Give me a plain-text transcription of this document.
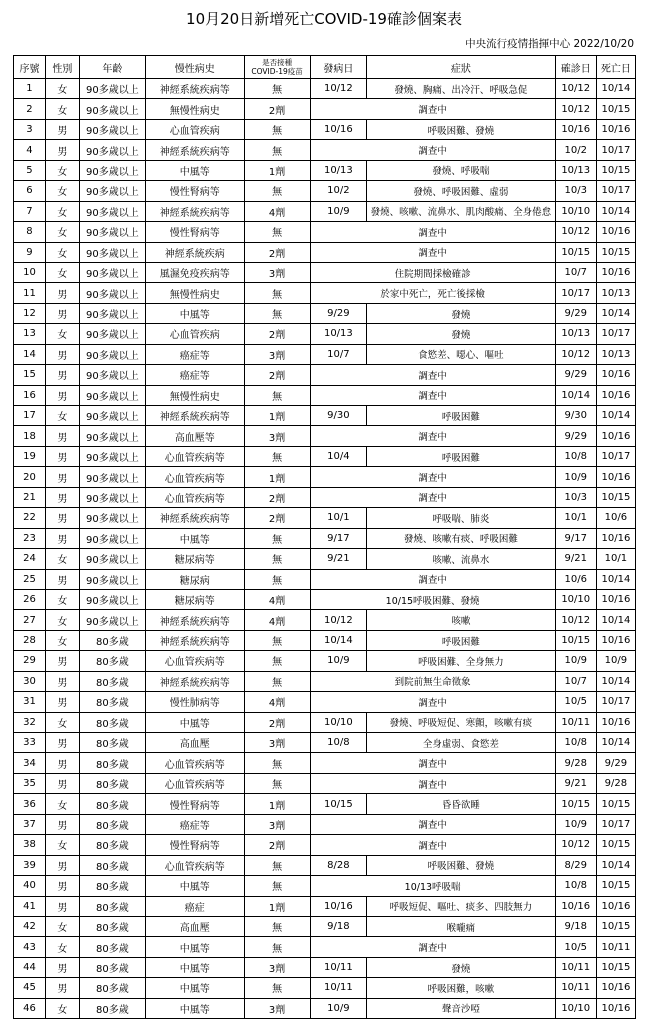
10月20日新增死亡COVID-19確診個案表
中央流行疫情指揮中心 2022/10/20
序號	性別	年齡	慢性病史	是否接種
COVID-19疫苗	發病日	症狀	確診日	死亡日
1	女	90多歲以上	神經系統疾病等	無	10/12	發燒、胸痛、出冷汗、呼吸急促	10/12	10/14
2	女	90多歲以上	無慢性病史	2劑	調查中		10/12	10/15
3	男	90多歲以上	心血管疾病	無	10/16	呼吸困難、發燒	10/16	10/16
4	男	90多歲以上	神經系統疾病等	無	調查中		10/2	10/17
5	女	90多歲以上	中風等	1劑	10/13	發燒、呼吸喘	10/13	10/15
6	女	90多歲以上	慢性腎病等	無	10/2	發燒、呼吸困難、虛弱	10/3	10/17
7	女	90多歲以上	神經系統疾病等	4劑	10/9	發燒、咳嗽、流鼻水、肌肉酸痛、全身倦怠	10/10	10/14
8	女	90多歲以上	慢性腎病等	無	調查中		10/12	10/16
9	女	90多歲以上	神經系統疾病	2劑	調查中		10/15	10/15
10	女	90多歲以上	風濕免疫疾病等	3劑	住院期間採檢確診		10/7	10/16
11	男	90多歲以上	無慢性病史	無	於家中死亡，死亡後採檢		10/17	10/13
12	男	90多歲以上	中風等	無	9/29	發燒	9/29	10/14
13	女	90多歲以上	心血管疾病	2劑	10/13	發燒	10/13	10/17
14	男	90多歲以上	癌症等	3劑	10/7	食慾差、噁心、嘔吐	10/12	10/13
15	男	90多歲以上	癌症等	2劑	調查中		9/29	10/16
16	男	90多歲以上	無慢性病史	無	調查中		10/14	10/16
17	女	90多歲以上	神經系統疾病等	1劑	9/30	呼吸困難	9/30	10/14
18	男	90多歲以上	高血壓等	3劑	調查中		9/29	10/16
19	男	90多歲以上	心血管疾病等	無	10/4	呼吸困難	10/8	10/17
20	男	90多歲以上	心血管疾病等	1劑	調查中		10/9	10/16
21	男	90多歲以上	心血管疾病等	2劑	調查中		10/3	10/15
22	男	90多歲以上	神經系統疾病等	2劑	10/1	呼吸喘、肺炎	10/1	10/6
23	男	90多歲以上	中風等	無	9/17	發燒、咳嗽有痰、呼吸困難	9/17	10/16
24	女	90多歲以上	糖尿病等	無	9/21	咳嗽、流鼻水	9/21	10/1
25	男	90多歲以上	糖尿病	無	調查中		10/6	10/14
26	女	90多歲以上	糖尿病等	4劑	10/15呼吸困難、發燒		10/10	10/16
27	女	90多歲以上	神經系統疾病等	4劑	10/12	咳嗽	10/12	10/14
28	女	80多歲	神經系統疾病等	無	10/14	呼吸困難	10/15	10/16
29	男	80多歲	心血管疾病等	無	10/9	呼吸困難、全身無力	10/9	10/9
30	男	80多歲	神經系統疾病等	無	到院前無生命徵象		10/7	10/14
31	男	80多歲	慢性肺病等	4劑	調查中		10/5	10/17
32	女	80多歲	中風等	2劑	10/10	發燒、呼吸短促、寒顫，咳嗽有痰	10/11	10/16
33	男	80多歲	高血壓	3劑	10/8	全身虛弱、食慾差	10/8	10/14
34	男	80多歲	心血管疾病等	無	調查中		9/28	9/29
35	男	80多歲	心血管疾病等	無	調查中		9/21	9/28
36	女	80多歲	慢性腎病等	1劑	10/15	昏昏欲睡	10/15	10/15
37	男	80多歲	癌症等	3劑	調查中		10/9	10/17
38	女	80多歲	慢性腎病等	2劑	調查中		10/12	10/15
39	男	80多歲	心血管疾病等	無	8/28	呼吸困難、發燒	8/29	10/14
40	男	80多歲	中風等	無	10/13呼吸喘		10/8	10/15
41	男	80多歲	癌症	1劑	10/16	呼吸短促、嘔吐、痰多、四肢無力	10/16	10/16
42	女	80多歲	高血壓	無	9/18	喉嚨痛	9/18	10/15
43	女	80多歲	中風等	無	調查中		10/5	10/11
44	男	80多歲	中風等	3劑	10/11	發燒	10/11	10/15
45	男	80多歲	中風等	無	10/11	呼吸困難，咳嗽	10/11	10/16
46	女	80多歲	中風等	3劑	10/9	聲音沙啞	10/10	10/16
